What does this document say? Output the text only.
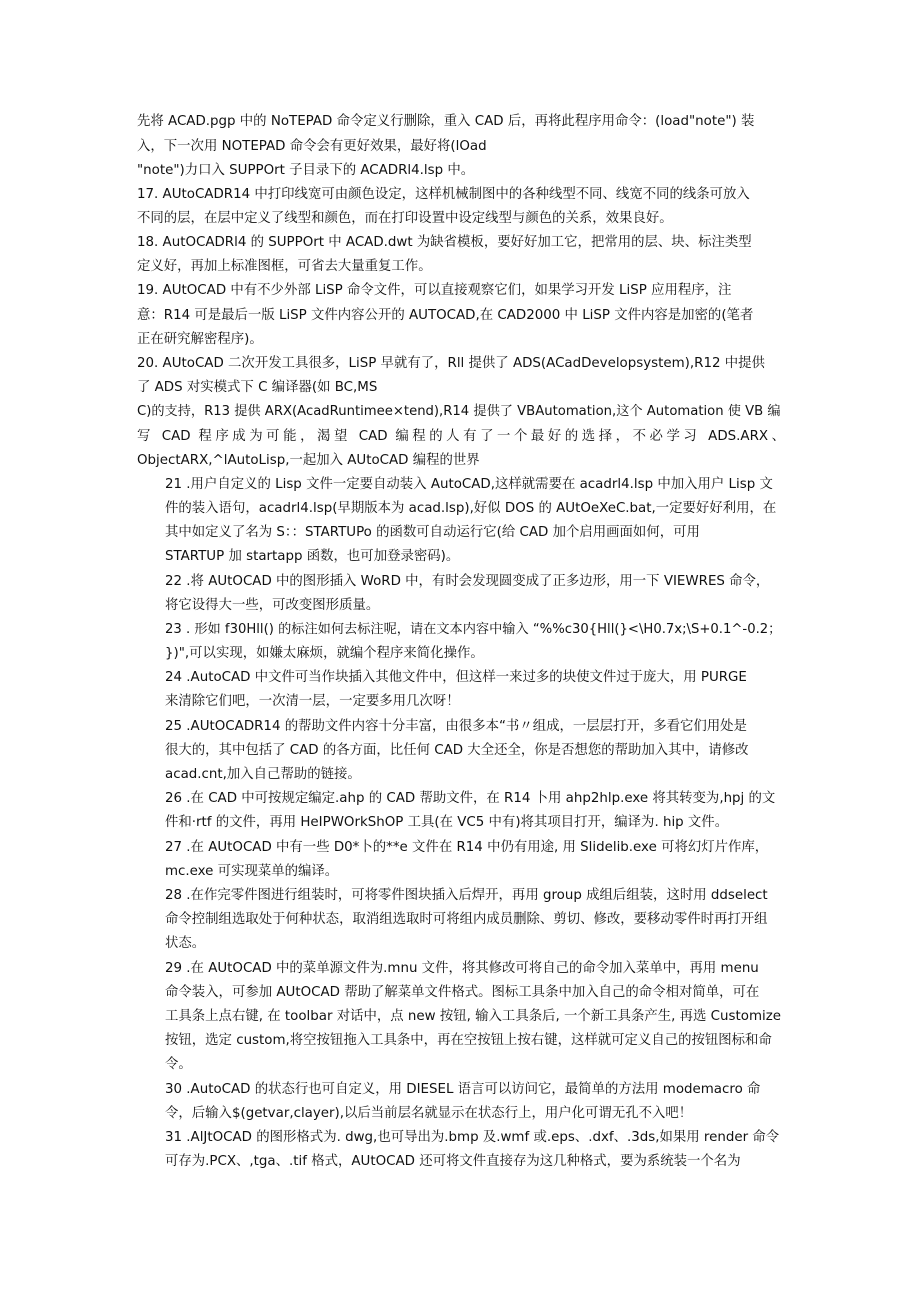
先将 ACAD.pgp 中的 NoTEPAD 命令定义行删除，重入 CAD 后，再将此程序用命令：(load"note") 装
入，下一次用 NOTEPAD 命令会有更好效果，最好将(lOad
"note")力口入 SUPPOrt 子目录下的 ACADRl4.lsp 中。
17. AUtoCADR14 中打印线宽可由颜色设定，这样机械制图中的各种线型不同、线宽不同的线条可放入
不同的层，在层中定义了线型和颜色，而在打印设置中设定线型与颜色的关系，效果良好。
18. AutOCADRl4 的 SUPPOrt 中 ACAD.dwt 为缺省模板，要好好加工它，把常用的层、块、标注类型
定义好，再加上标准图框，可省去大量重复工作。
19. AUtOCAD 中有不少外部 LiSP 命令文件，可以直接观察它们，如果学习开发 LiSP 应用程序，注
意：R14 可是最后一版 LiSP 文件内容公开的 AUTOCAD,在 CAD2000 中 LiSP 文件内容是加密的(笔者
正在研究解密程序)。
20. AUtoCAD 二次开发工具很多，LiSP 早就有了，Rll 提供了 ADS(ACadDevelopsystem),R12 中提供
了 ADS 对实模式下 C 编译器(如 BC,MS
C)的支持，R13 提供 ARX(AcadRuntimee×tend),R14 提供了 VBAutomation,这个 Automation 使 VB 编
写 CAD 程序成为可能，渴望 CAD 编程的人有了一个最好的选择，不必学习 ADS.ARX、
ObjectARX,^lAutoLisp,一起加入 AUtoCAD 编程的世界
21 .用户自定义的 Lisp 文件一定要自动装入 AutoCAD,这样就需要在 acadrl4.lsp 中加入用户 Lisp 文
件的装入语句，acadrl4.lsp(早期版本为 acad.lsp),好似 DOS 的 AUtOeXeC.bat,一定要好好利用，在
其中如定义了名为 S：：STARTUPo 的函数可自动运行它(给 CAD 加个启用画面如何，可用
STARTUP 加 startapp 函数，也可加登录密码)。
22 .将 AUtOCAD 中的图形插入 WoRD 中，有时会发现圆变成了正多边形，用一下 VIEWRES 命令，
将它设得大一些，可改变图形质量。
23 . 形如 f30Hll() 的标注如何去标注呢，请在文本内容中输入 “%%c30{Hll(}<\H0.7x;\S+0.1^-0.2；
})",可以实现，如嫌太麻烦，就编个程序来简化操作。
24 .AutoCAD 中文件可当作块插入其他文件中，但这样一来过多的块使文件过于庞大，用 PURGE
来清除它们吧，一次清一层，一定要多用几次呀！
25 .AUtOCADR14 的帮助文件内容十分丰富，由很多本“书〃组成，一层层打开，多看它们用处是
很大的，其中包括了 CAD 的各方面，比任何 CAD 大全还全，你是否想您的帮助加入其中，请修改
acad.cnt,加入自己帮助的链接。
26 .在 CAD 中可按规定编定.ahp 的 CAD 帮助文件，在 R14 卜用 ahp2hlp.exe 将其转变为,hpj 的文
件和·rtf 的文件，再用 HeIPWOrkShOP 工具(在 VC5 中有)将其项目打开，编译为. hip 文件。
27 .在 AUtOCAD 中有一些 D0*卜的**e 文件在 R14 中仍有用途, 用 Slidelib.exe 可将幻灯片作库，
mc.exe 可实现菜单的编译。
28 .在作完零件图进行组装时，可将零件图块插入后焊开，再用 group 成组后组装，这时用 ddselect
命令控制组选取处于何种状态，取消组选取时可将组内成员删除、剪切、修改，要移动零件时再打开组
状态。
29 .在 AUtOCAD 中的菜单源文件为.mnu 文件，将其修改可将自己的命令加入菜单中，再用 menu
命令装入，可参加 AUtOCAD 帮助了解菜单文件格式。图标工具条中加入自己的命令相对简单，可在
工具条上点右键, 在 toolbar 对话中，点 new 按钮, 输入工具条后, 一个新工具条产生, 再选 Customize
按钮，选定 custom,将空按钮拖入工具条中，再在空按钮上按右键，这样就可定义自己的按钮图标和命
令。
30 .AutoCAD 的状态行也可自定义，用 DIESEL 语言可以访问它，最简单的方法用 modemacro 命
令，后输入$(getvar,clayer),以后当前层名就显示在状态行上，用户化可谓无孔不入吧！
31 .AlJtOCAD 的图形格式为. dwg,也可导出为.bmp 及.wmf 或.eps、.dxf、.3ds,如果用 render 命令
可存为.PCX、,tga、.tif 格式，AUtOCAD 还可将文件直接存为这几种格式，要为系统装一个名为
